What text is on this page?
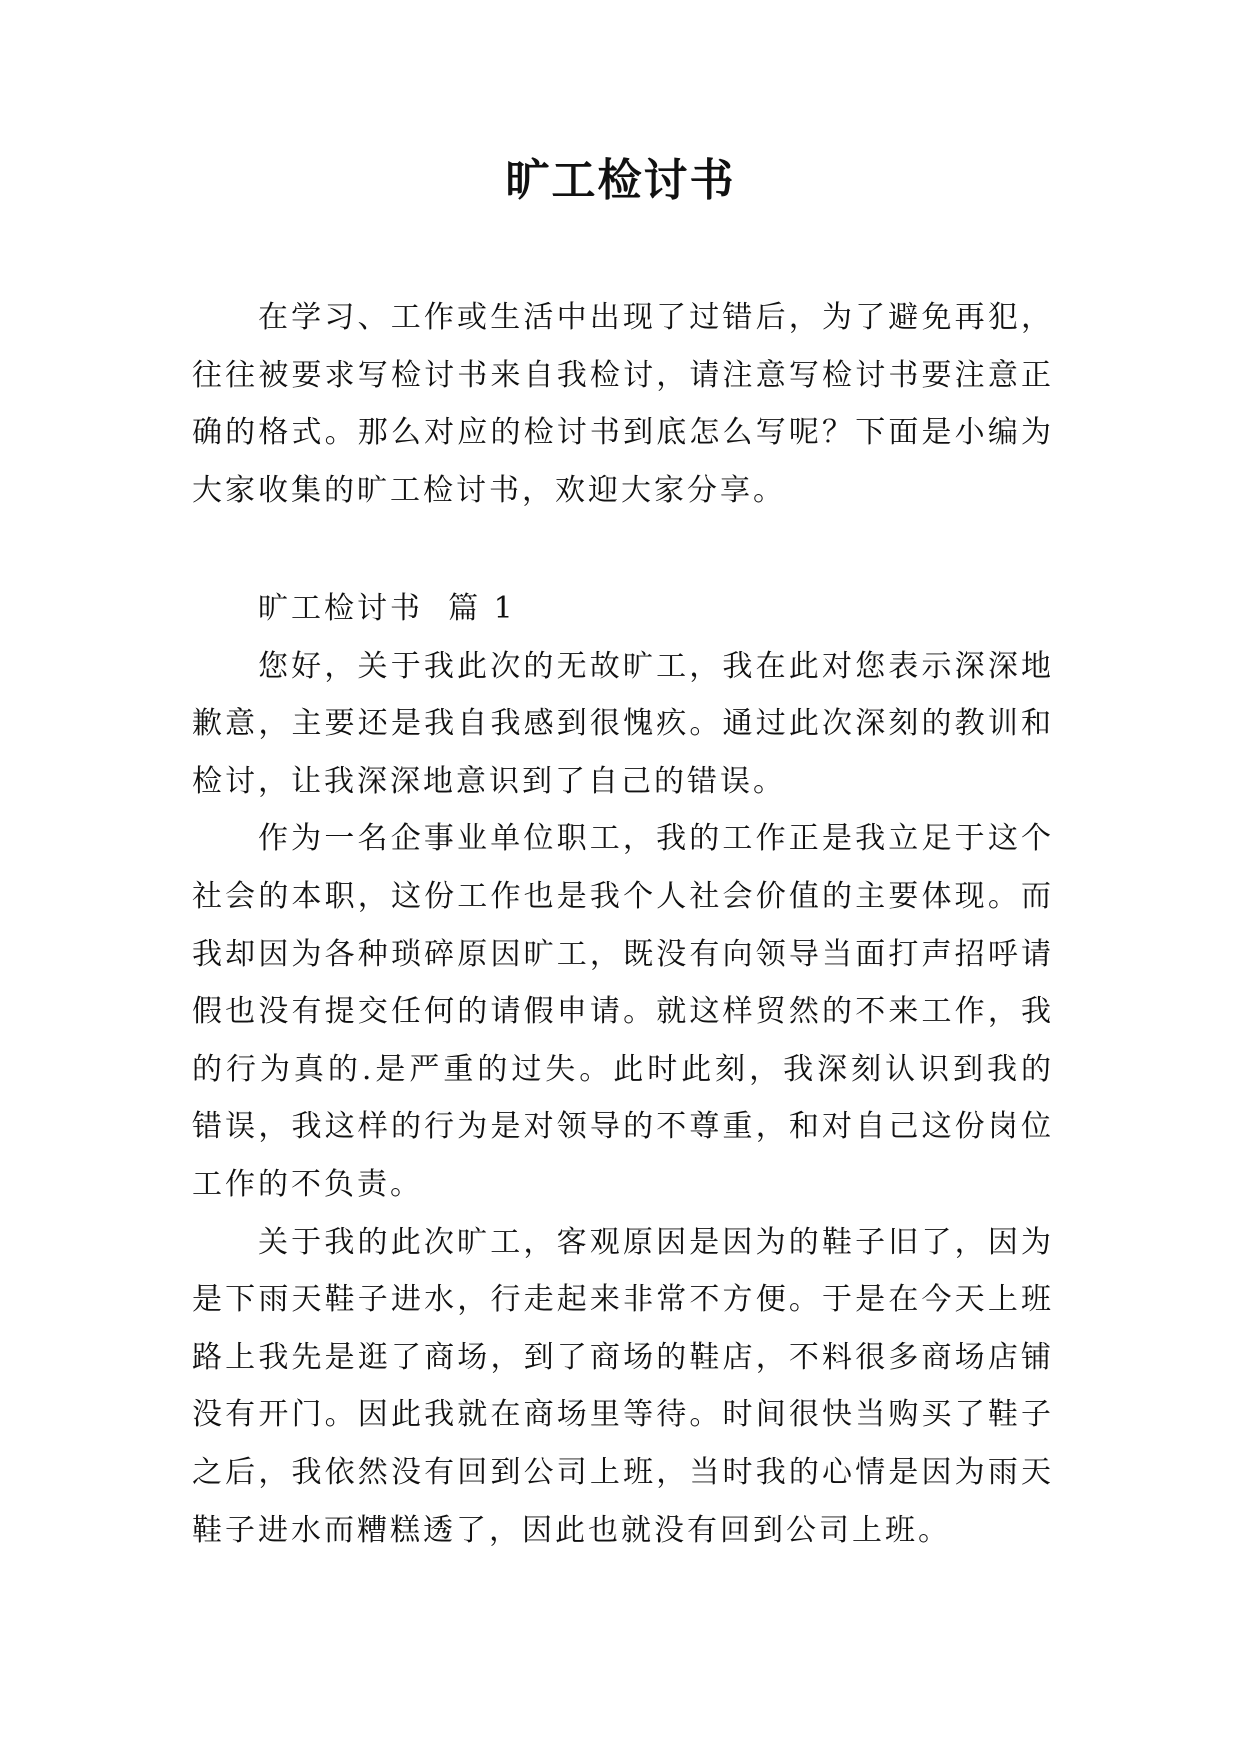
旷工检讨书
在学习、工作或生活中出现了过错后，为了避免再犯，
往往被要求写检讨书来自我检讨，请注意写检讨书要注意正
确的格式。那么对应的检讨书到底怎么写呢？下面是小编为
大家收集的旷工检讨书，欢迎大家分享。
旷工检讨书  篇 1
您好，关于我此次的无故旷工，我在此对您表示深深地
歉意，主要还是我自我感到很愧疚。通过此次深刻的教训和
检讨，让我深深地意识到了自己的错误。
作为一名企事业单位职工，我的工作正是我立足于这个
社会的本职，这份工作也是我个人社会价值的主要体现。而
我却因为各种琐碎原因旷工，既没有向领导当面打声招呼请
假也没有提交任何的请假申请。就这样贸然的不来工作，我
的行为真的.是严重的过失。此时此刻，我深刻认识到我的
错误，我这样的行为是对领导的不尊重，和对自己这份岗位
工作的不负责。
关于我的此次旷工，客观原因是因为的鞋子旧了，因为
是下雨天鞋子进水，行走起来非常不方便。于是在今天上班
路上我先是逛了商场，到了商场的鞋店，不料很多商场店铺
没有开门。因此我就在商场里等待。时间很快当购买了鞋子
之后，我依然没有回到公司上班，当时我的心情是因为雨天
鞋子进水而糟糕透了，因此也就没有回到公司上班。
